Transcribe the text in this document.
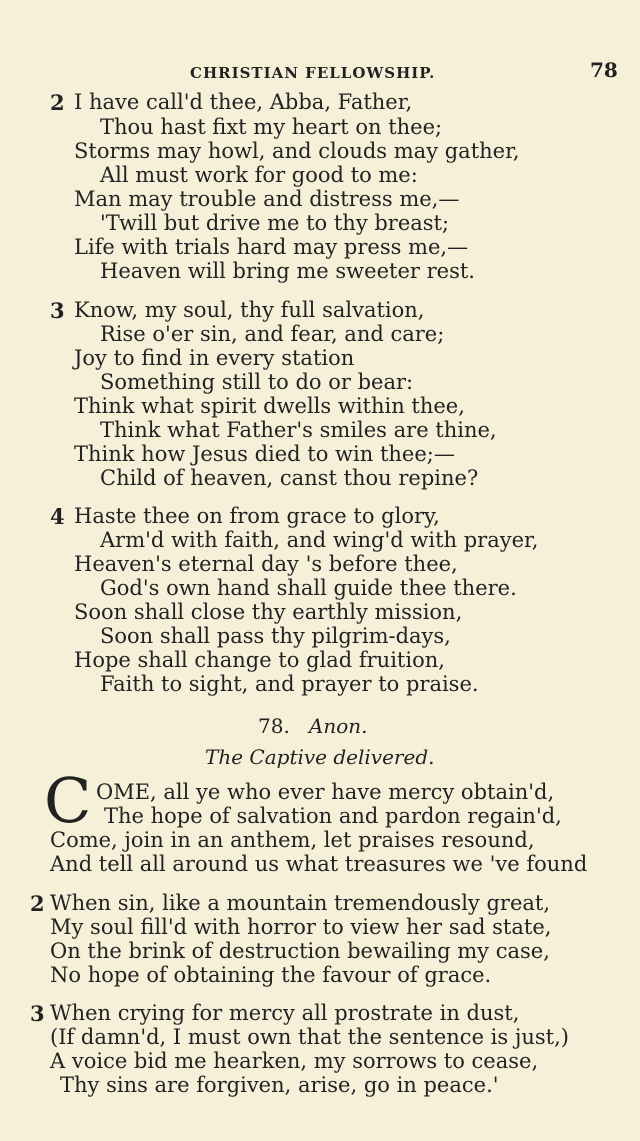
CHRISTIAN FELLOWSHIP.	78
2 I have call'd thee, Abba, Father,
Thou hast fixt my heart on thee;
Storms may howl, and clouds may gather,
All must work for good to me:
Man may trouble and distress me,—
'Twill but drive me to thy breast;
Life with trials hard may press me,—
Heaven will bring me sweeter rest.
3 Know, my soul, thy full salvation,
Rise o'er sin, and fear, and care;
Joy to find in every station
Something still to do or bear:
Think what spirit dwells within thee,
Think what Father's smiles are thine,
Think how Jesus died to win thee;—
Child of heaven, canst thou repine?
4 Haste thee on from grace to glory,
Arm'd with faith, and wing'd with prayer,
Heaven's eternal day 's before thee,
God's own hand shall guide thee there.
Soon shall close thy earthly mission,
Soon shall pass thy pilgrim-days,
Hope shall change to glad fruition,
Faith to sight, and prayer to praise.
78. Anon.
The Captive delivered.
C OME, all ye who ever have mercy obtain'd,
The hope of salvation and pardon regain'd,
Come, join in an anthem, let praises resound,
And tell all around us what treasures we 've found
2 When sin, like a mountain tremendously great,
My soul fill'd with horror to view her sad state,
On the brink of destruction bewailing my case,
No hope of obtaining the favour of grace.
3 When crying for mercy all prostrate in dust,
(If damn'd, I must own that the sentence is just,)
A voice bid me hearken, my sorrows to cease,
Thy sins are forgiven, arise, go in peace.'
